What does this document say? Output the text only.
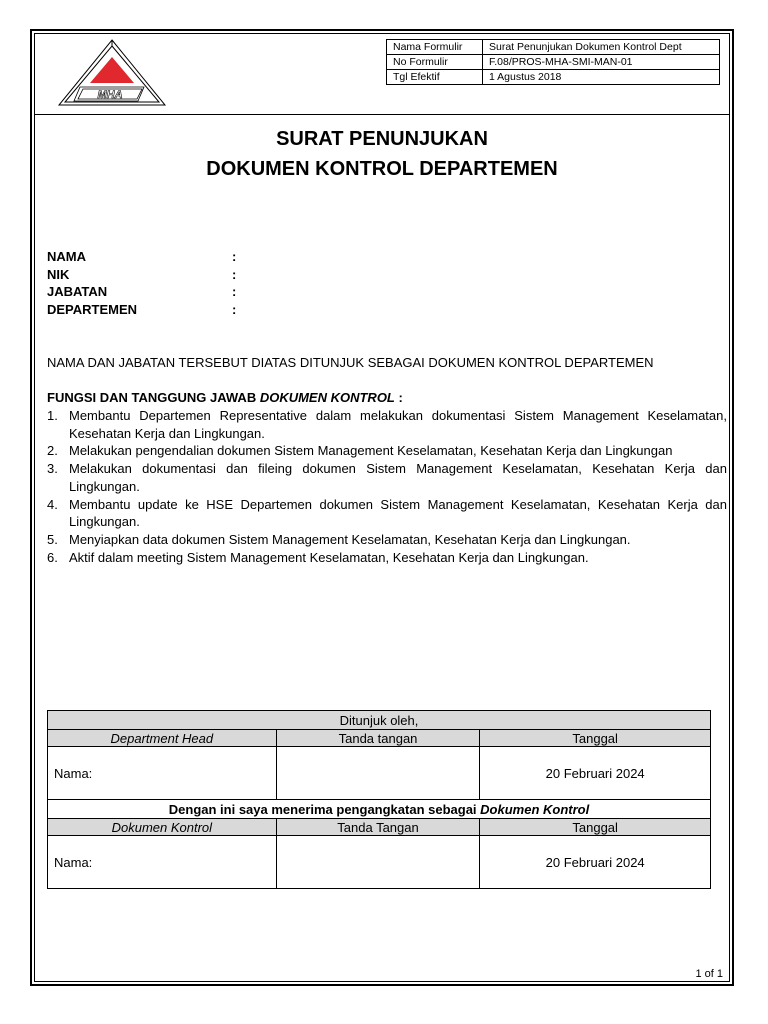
MHA
Nama Formulir	Surat Penunjukan Dokumen Kontrol Dept
No Formulir	F.08/PROS-MHA-SMI-MAN-01
Tgl Efektif	1 Agustus 2018
SURAT PENUNJUKAN
DOKUMEN KONTROL DEPARTEMEN
NAMA	:
NIK	:
JABATAN	:
DEPARTEMEN	:
NAMA DAN JABATAN TERSEBUT DIATAS DITUNJUK SEBAGAI DOKUMEN KONTROL DEPARTEMEN
FUNGSI DAN TANGGUNG JAWAB DOKUMEN KONTROL :
1. Membantu Departemen Representative dalam melakukan dokumentasi Sistem Management Keselamatan, Kesehatan Kerja dan Lingkungan.
2. Melakukan pengendalian dokumen Sistem Management Keselamatan, Kesehatan Kerja dan Lingkungan
3. Melakukan dokumentasi dan fileing dokumen Sistem Management Keselamatan, Kesehatan Kerja dan Lingkungan.
4. Membantu update ke HSE Departemen dokumen Sistem Management Keselamatan, Kesehatan Kerja dan Lingkungan.
5. Menyiapkan data dokumen Sistem Management Keselamatan, Kesehatan Kerja dan Lingkungan.
6. Aktif dalam meeting Sistem Management Keselamatan, Kesehatan Kerja dan Lingkungan.
Ditunjuk oleh,		
Department Head	Tanda tangan	Tanggal
Nama:		20 Februari 2024
Dengan ini saya menerima pengangkatan sebagai Dokumen Kontrol		
Dokumen Kontrol	Tanda Tangan	Tanggal
Nama:		20 Februari 2024
1 of 1
